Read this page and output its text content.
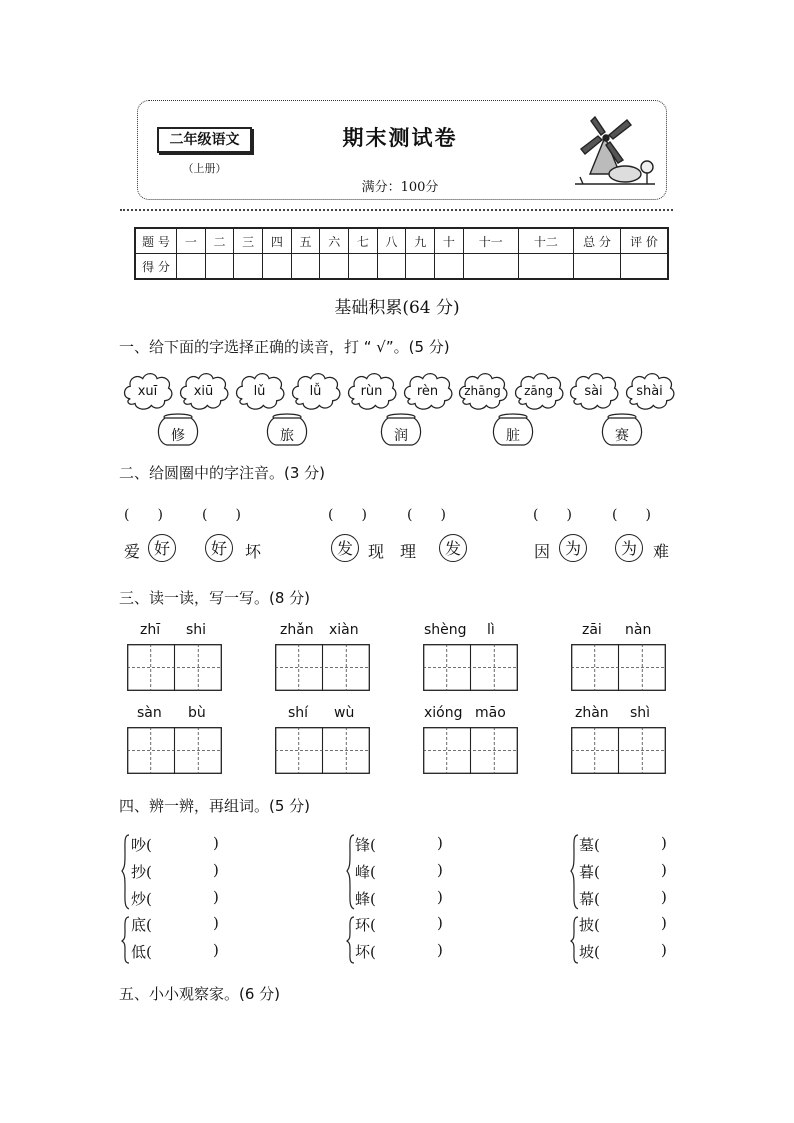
二年级语文
（上册）
期末测试卷
满分：100分
题 号	一	二	三	四	五	六	七	八	九	十	十一	十二	总 分	评 价
得 分														
基础积累(64 分)
一、给下面的字选择正确的读音，打 “ √”。(5 分)
xuī	xiū
修
lǔ	lǚ
旅
rùn	rèn
润
zhāng	zāng
脏
sài	shài
赛
二、给圆圈中的字注音。(3 分)
(　　)	(　　)	(　　)	(　　)	(　　)	(　　)
爱 好	好	坏	发 现　理	发	因 为	为	难
三、读一读，写一写。(8 分)
zhī shi	zhǎn xiàn	shèng lì	zāi nàn
sàn bù	shí wù	xióng māo	zhàn shì
四、辨一辨，再组词。(5 分)
吵(	)
抄(	)
炒(	)
底(	)
低(	)
锋(	)
峰(	)
蜂(	)
环(	)
坏(	)
墓(	)
暮(	)
幕(	)
披(	)
坡(	)
五、小小观察家。(6 分)
